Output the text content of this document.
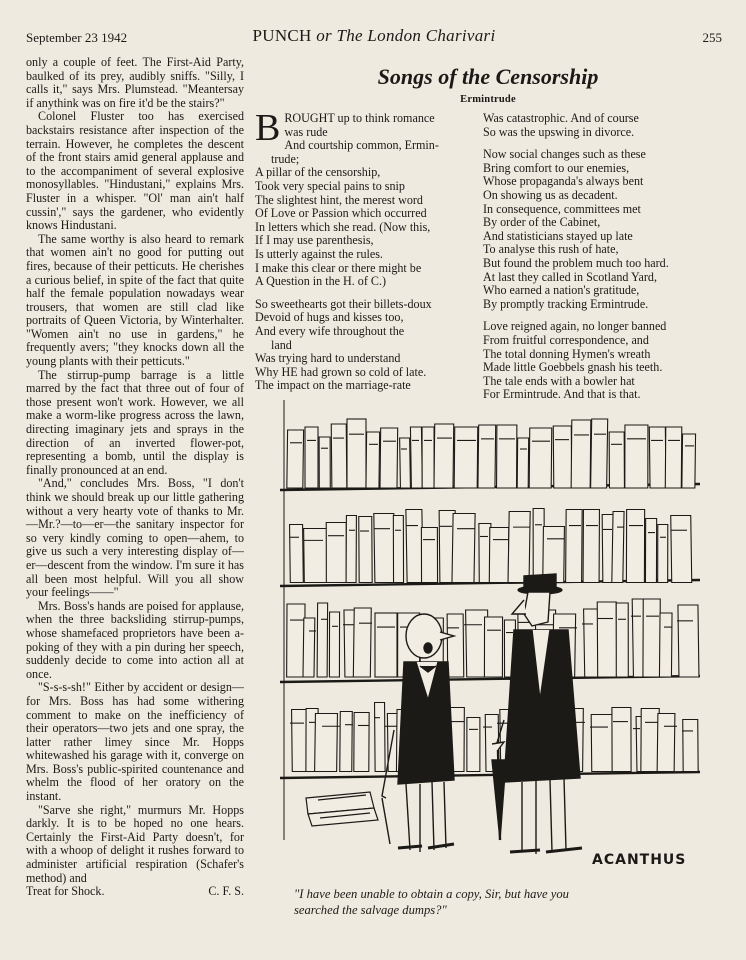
September 23 1942	PUNCH or The London Charivari	255

only a couple of feet. The First-Aid Party, baulked of its prey, audibly sniffs. "Silly, I calls it," says Mrs. Plumstead. "Meantersay if anythink was on fire it'd be the stairs?"

Colonel Fluster too has exercised backstairs resistance after inspection of the terrain. However, he completes the descent of the front stairs amid general applause and to the accompaniment of several explosive monosyllables. "Hindustani," explains Mrs. Fluster in a whisper. "Ol' man ain't half cussin'," says the gardener, who evidently knows Hindustani.

The same worthy is also heard to remark that women ain't no good for putting out fires, because of their petticuts. He cherishes a curious belief, in spite of the fact that quite half the female population nowadays wear trousers, that women are still clad like portraits of Queen Victoria, by Winterhalter. "Women ain't no use in gardens," he frequently avers; "they knocks down all the young plants with their petticuts."

The stirrup-pump barrage is a little marred by the fact that three out of four of those present won't work. However, we all make a worm-like progress across the lawn, directing imaginary jets and sprays in the direction of an inverted flower-pot, representing a bomb, until the display is finally pronounced at an end.

"And," concludes Mrs. Boss, "I don't think we should break up our little gathering without a very hearty vote of thanks to Mr.—Mr.?—to—er—the sanitary inspector for so very kindly coming to open—ahem, to give us such a very interesting display of—er—descent from the window. I'm sure it has all been most helpful. Will you all show your feelings——"

Mrs. Boss's hands are poised for applause, when the three backsliding stirrup-pumps, whose shamefaced proprietors have been a-poking of they with a pin during her speech, suddenly decide to come into action all at once.

"S-s-s-sh!" Either by accident or design—for Mrs. Boss has had some withering comment to make on the inefficiency of their operators—two jets and one spray, the latter rather limey since Mr. Hopps whitewashed his garage with it, converge on Mrs. Boss's public-spirited countenance and whelm the flood of her oratory on the instant.

"Sarve she right," murmurs Mr. Hopps darkly. It is to be hoped no one hears. Certainly the First-Aid Party doesn't, for with a whoop of delight it rushes forward to administer artificial respiration (Schafer's method) and

Treat for Shock.	C. F. S.
Songs of the Censorship
Ermintrude
B ROUGHT up to think romance
was rude
And courtship common, Ermin-
trude;
A pillar of the censorship,
Took very special pains to snip
The slightest hint, the merest word
Of Love or Passion which occurred
In letters which she read. (Now this,
If I may use parenthesis,
Is utterly against the rules.
I make this clear or there might be
A Question in the H. of C.)
So sweethearts got their billets-doux
Devoid of hugs and kisses too,
And every wife throughout the
land
Was trying hard to understand
Why HE had grown so cold of late.
The impact on the marriage-rate
Was catastrophic. And of course
So was the upswing in divorce.
Now social changes such as these
Bring comfort to our enemies,
Whose propaganda's always bent
On showing us as decadent.
In consequence, committees met
By order of the Cabinet,
And statisticians stayed up late
To analyse this rush of hate,
But found the problem much too hard.
At last they called in Scotland Yard,
Who earned a nation's gratitude,
By promptly tracking Ermintrude.
Love reigned again, no longer banned
From fruitful correspondence, and
The total donning Hymen's wreath
Made little Goebbels gnash his teeth.
The tale ends with a bowler hat
For Ermintrude. And that is that.
ACANTHUS
"I have been unable to obtain a copy, Sir, but have you
searched the salvage dumps?"
